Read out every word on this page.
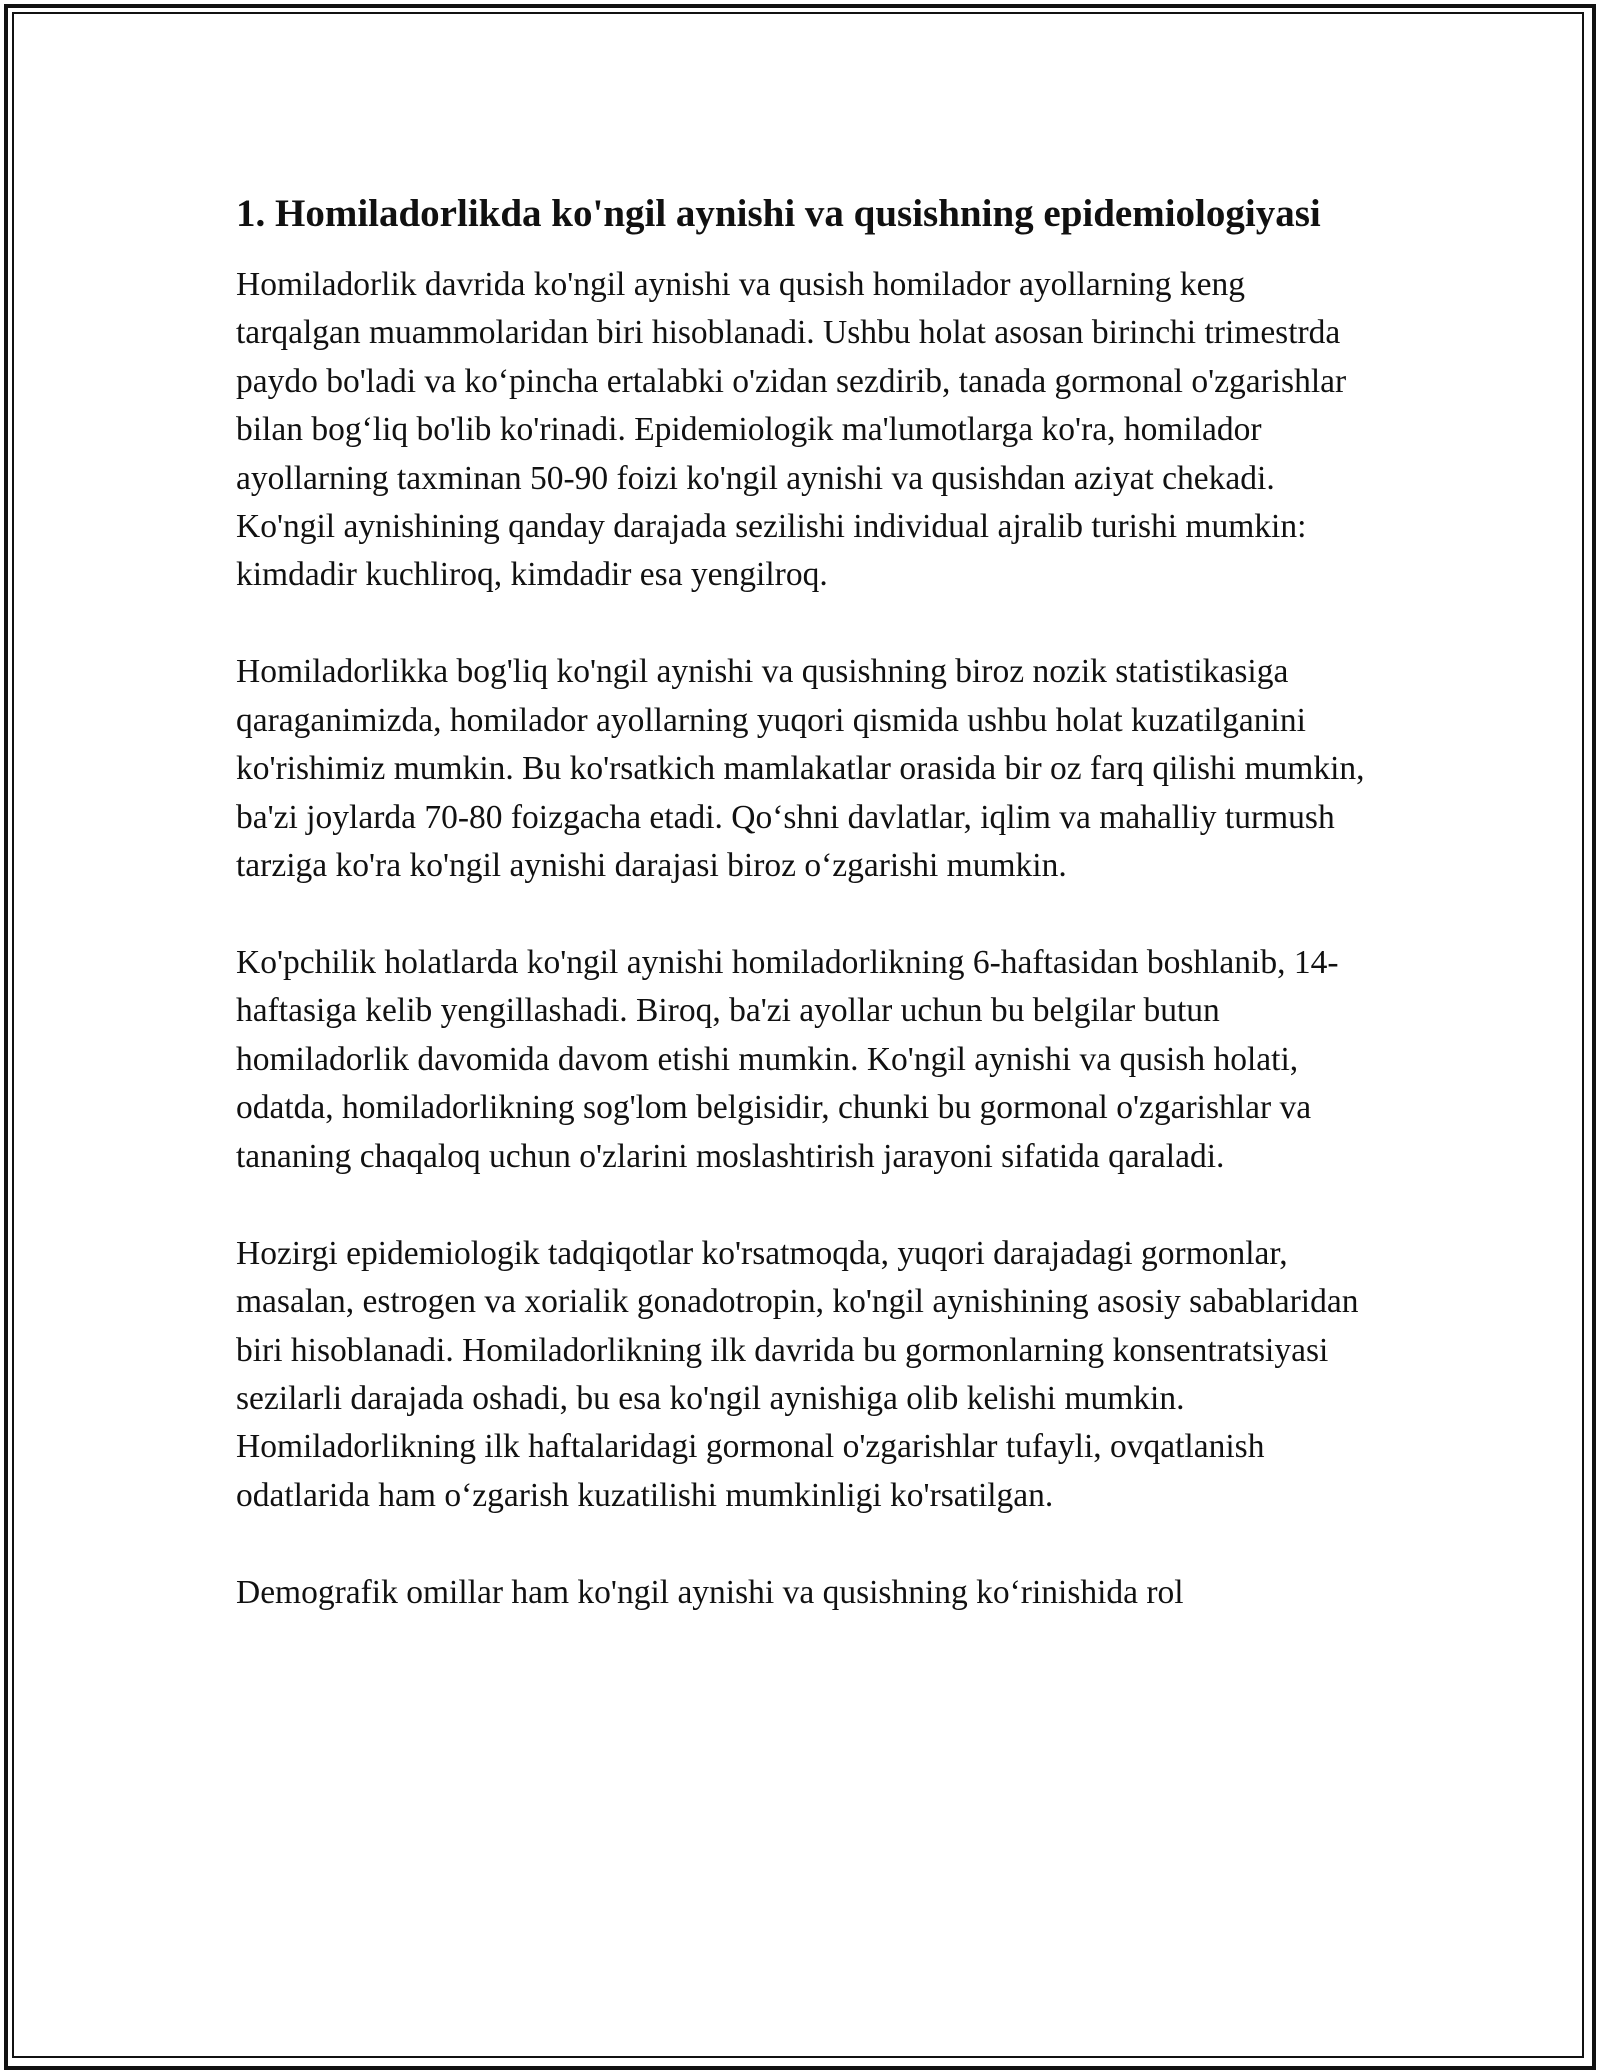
1. Homiladorlikda ko'ngil aynishi va qusishning epidemiologiyasi

Homiladorlik davrida ko'ngil aynishi va qusish homilador ayollarning keng tarqalgan muammolaridan biri hisoblanadi. Ushbu holat asosan birinchi trimestrda paydo bo'ladi va ko‘pincha ertalabki o'zidan sezdirib, tanada gormonal o'zgarishlar bilan bog‘liq bo'lib ko'rinadi. Epidemiologik ma'lumotlarga ko'ra, homilador ayollarning taxminan 50-90 foizi ko'ngil aynishi va qusishdan aziyat chekadi. Ko'ngil aynishining qanday darajada sezilishi individual ajralib turishi mumkin: kimdadir kuchliroq, kimdadir esa yengilroq.

Homiladorlikka bog'liq ko'ngil aynishi va qusishning biroz nozik statistikasiga qaraganimizda, homilador ayollarning yuqori qismida ushbu holat kuzatilganini ko'rishimiz mumkin. Bu ko'rsatkich mamlakatlar orasida bir oz farq qilishi mumkin, ba'zi joylarda 70-80 foizgacha etadi. Qo‘shni davlatlar, iqlim va mahalliy turmush tarziga ko'ra ko'ngil aynishi darajasi biroz o‘zgarishi mumkin.

Ko'pchilik holatlarda ko'ngil aynishi homiladorlikning 6-haftasidan boshlanib, 14-haftasiga kelib yengillashadi. Biroq, ba'zi ayollar uchun bu belgilar butun homiladorlik davomida davom etishi mumkin. Ko'ngil aynishi va qusish holati, odatda, homiladorlikning sog'lom belgisidir, chunki bu gormonal o'zgarishlar va tananing chaqaloq uchun o'zlarini moslashtirish jarayoni sifatida qaraladi.

Hozirgi epidemiologik tadqiqotlar ko'rsatmoqda, yuqori darajadagi gormonlar, masalan, estrogen va xorialik gonadotropin, ko'ngil aynishining asosiy sabablaridan biri hisoblanadi. Homiladorlikning ilk davrida bu gormonlarning konsentratsiyasi sezilarli darajada oshadi, bu esa ko'ngil aynishiga olib kelishi mumkin. Homiladorlikning ilk haftalaridagi gormonal o'zgarishlar tufayli, ovqatlanish odatlarida ham o‘zgarish kuzatilishi mumkinligi ko'rsatilgan.

Demografik omillar ham ko'ngil aynishi va qusishning ko‘rinishida rol
